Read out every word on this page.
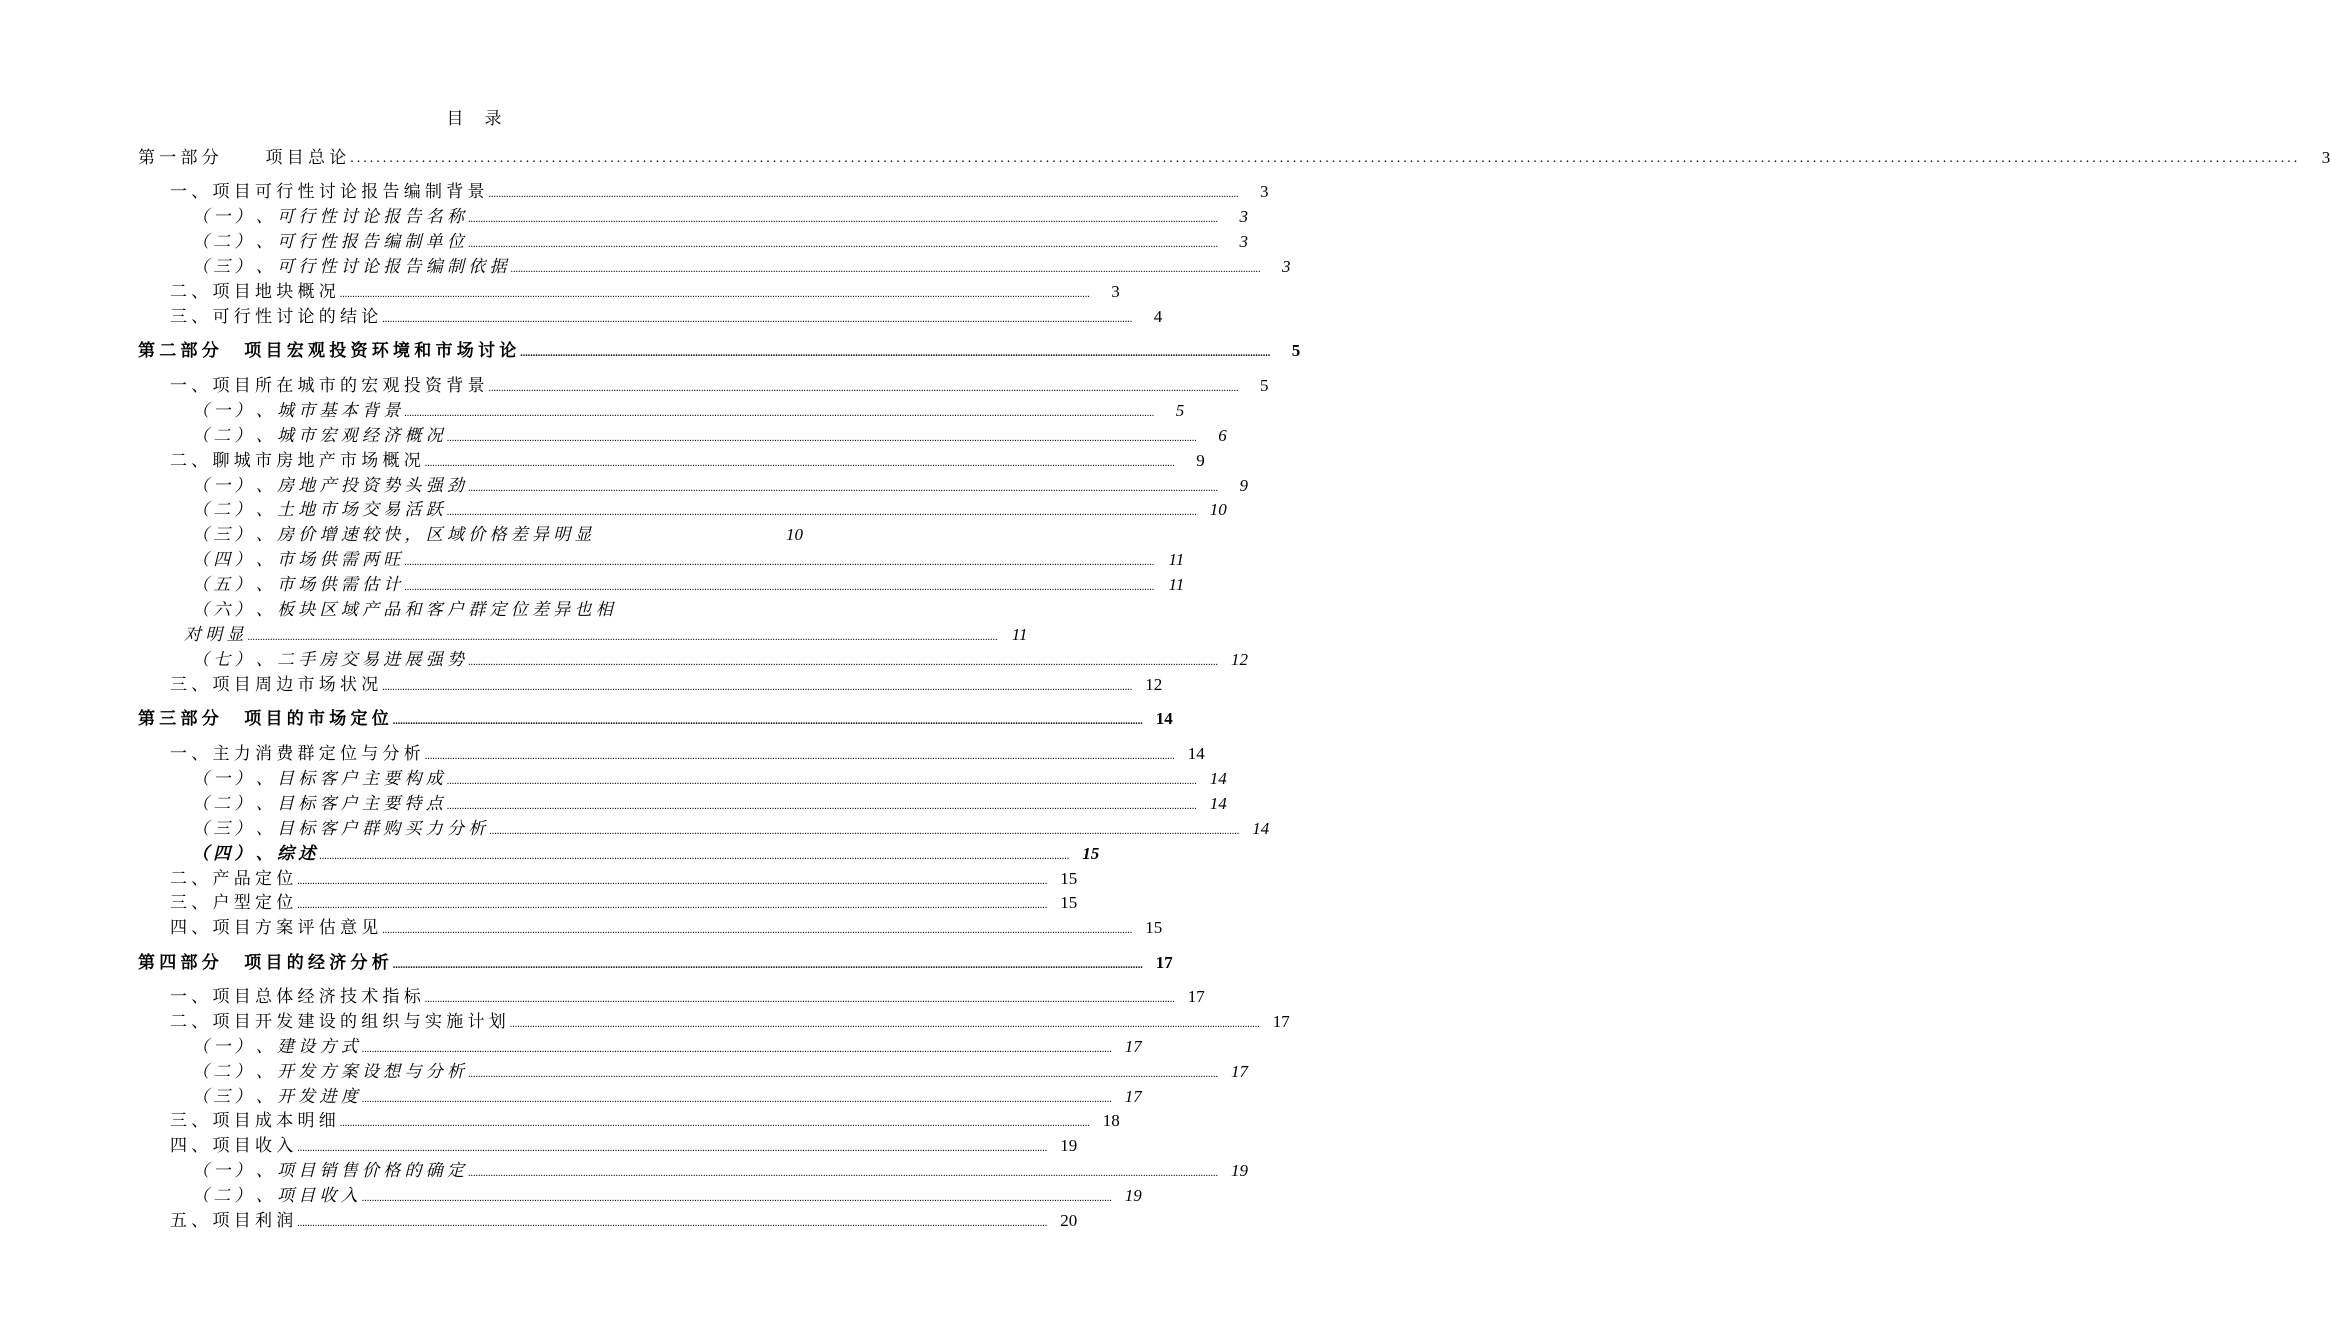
目　录
第 一 部 分 　 　 项 目 总 论 ............................................................................................................................................................................................................................................................................................................	3
一 、 项 目 可 行 性 讨 论 报 告 编 制 背 景 ............................................................................................................................................................................................................................................................................................................	3
（ 一 ） 、 可 行 性 讨 论 报 告 名 称 ............................................................................................................................................................................................................................................................................................................	3
（ 二 ） 、 可 行 性 报 告 编 制 单 位 ............................................................................................................................................................................................................................................................................................................	3
（ 三 ） 、 可 行 性 讨 论 报 告 编 制 依 据 ............................................................................................................................................................................................................................................................................................................	3
二 、 项 目 地 块 概 况 ............................................................................................................................................................................................................................................................................................................	3
三 、 可 行 性 讨 论 的 结 论 ............................................................................................................................................................................................................................................................................................................	4
第 二 部 分 　 项 目 宏 观 投 资 环 境 和 市 场 讨 论 ............................................................................................................................................................................................................................................................................................................	5
一 、 项 目 所 在 城 市 的 宏 观 投 资 背 景 ............................................................................................................................................................................................................................................................................................................	5
（ 一 ） 、 城 市 基 本 背 景 ............................................................................................................................................................................................................................................................................................................	5
（ 二 ） 、 城 市 宏 观 经 济 概 况 ............................................................................................................................................................................................................................................................................................................	6
二 、 聊 城 市 房 地 产 市 场 概 况 ............................................................................................................................................................................................................................................................................................................	9
（ 一 ） 、 房 地 产 投 资 势 头 强 劲 ............................................................................................................................................................................................................................................................................................................	9
（ 二 ） 、 土 地 市 场 交 易 活 跃 ............................................................................................................................................................................................................................................................................................................ 10
（ 三 ） 、 房 价 增 速 较 快 ， 区 域 价 格 差 异 明 显	10
（ 四 ） 、 市 场 供 需 两 旺 ............................................................................................................................................................................................................................................................................................................ 11
（ 五 ） 、 市 场 供 需 估 计 ............................................................................................................................................................................................................................................................................................................ 11
（ 六 ） 、 板 块 区 域 产 品 和 客 户 群 定 位 差 异 也 相
对 明 显 ............................................................................................................................................................................................................................................................................................................ 11
（ 七 ） 、 二 手 房 交 易 进 展 强 势 ............................................................................................................................................................................................................................................................................................................ 12
三 、 项 目 周 边 市 场 状 况 ............................................................................................................................................................................................................................................................................................................ 12
第 三 部 分 　 项 目 的 市 场 定 位 ............................................................................................................................................................................................................................................................................................................ 14
一 、 主 力 消 费 群 定 位 与 分 析 ............................................................................................................................................................................................................................................................................................................ 14
（ 一 ） 、 目 标 客 户 主 要 构 成 ............................................................................................................................................................................................................................................................................................................ 14
（ 二 ） 、 目 标 客 户 主 要 特 点 ............................................................................................................................................................................................................................................................................................................ 14
（ 三 ） 、 目 标 客 户 群 购 买 力 分 析 ............................................................................................................................................................................................................................................................................................................ 14
（ 四 ） 、 综 述 ............................................................................................................................................................................................................................................................................................................ 15
二 、 产 品 定 位 ............................................................................................................................................................................................................................................................................................................ 15
三 、 户 型 定 位 ............................................................................................................................................................................................................................................................................................................ 15
四 、 项 目 方 案 评 估 意 见 ............................................................................................................................................................................................................................................................................................................ 15
第 四 部 分 　 项 目 的 经 济 分 析 ............................................................................................................................................................................................................................................................................................................ 17
一 、 项 目 总 体 经 济 技 术 指 标 ............................................................................................................................................................................................................................................................................................................ 17
二 、 项 目 开 发 建 设 的 组 织 与 实 施 计 划 ............................................................................................................................................................................................................................................................................................................ 17
（ 一 ） 、 建 设 方 式 ............................................................................................................................................................................................................................................................................................................ 17
（ 二 ） 、 开 发 方 案 设 想 与 分 析 ............................................................................................................................................................................................................................................................................................................ 17
（ 三 ） 、 开 发 进 度 ............................................................................................................................................................................................................................................................................................................ 17
三 、 项 目 成 本 明 细 ............................................................................................................................................................................................................................................................................................................ 18
四 、 项 目 收 入 ............................................................................................................................................................................................................................................................................................................ 19
（ 一 ） 、 项 目 销 售 价 格 的 确 定 ............................................................................................................................................................................................................................................................................................................ 19
（ 二 ） 、 项 目 收 入 ............................................................................................................................................................................................................................................................................................................ 19
五 、 项 目 利 润 ............................................................................................................................................................................................................................................................................................................ 20
